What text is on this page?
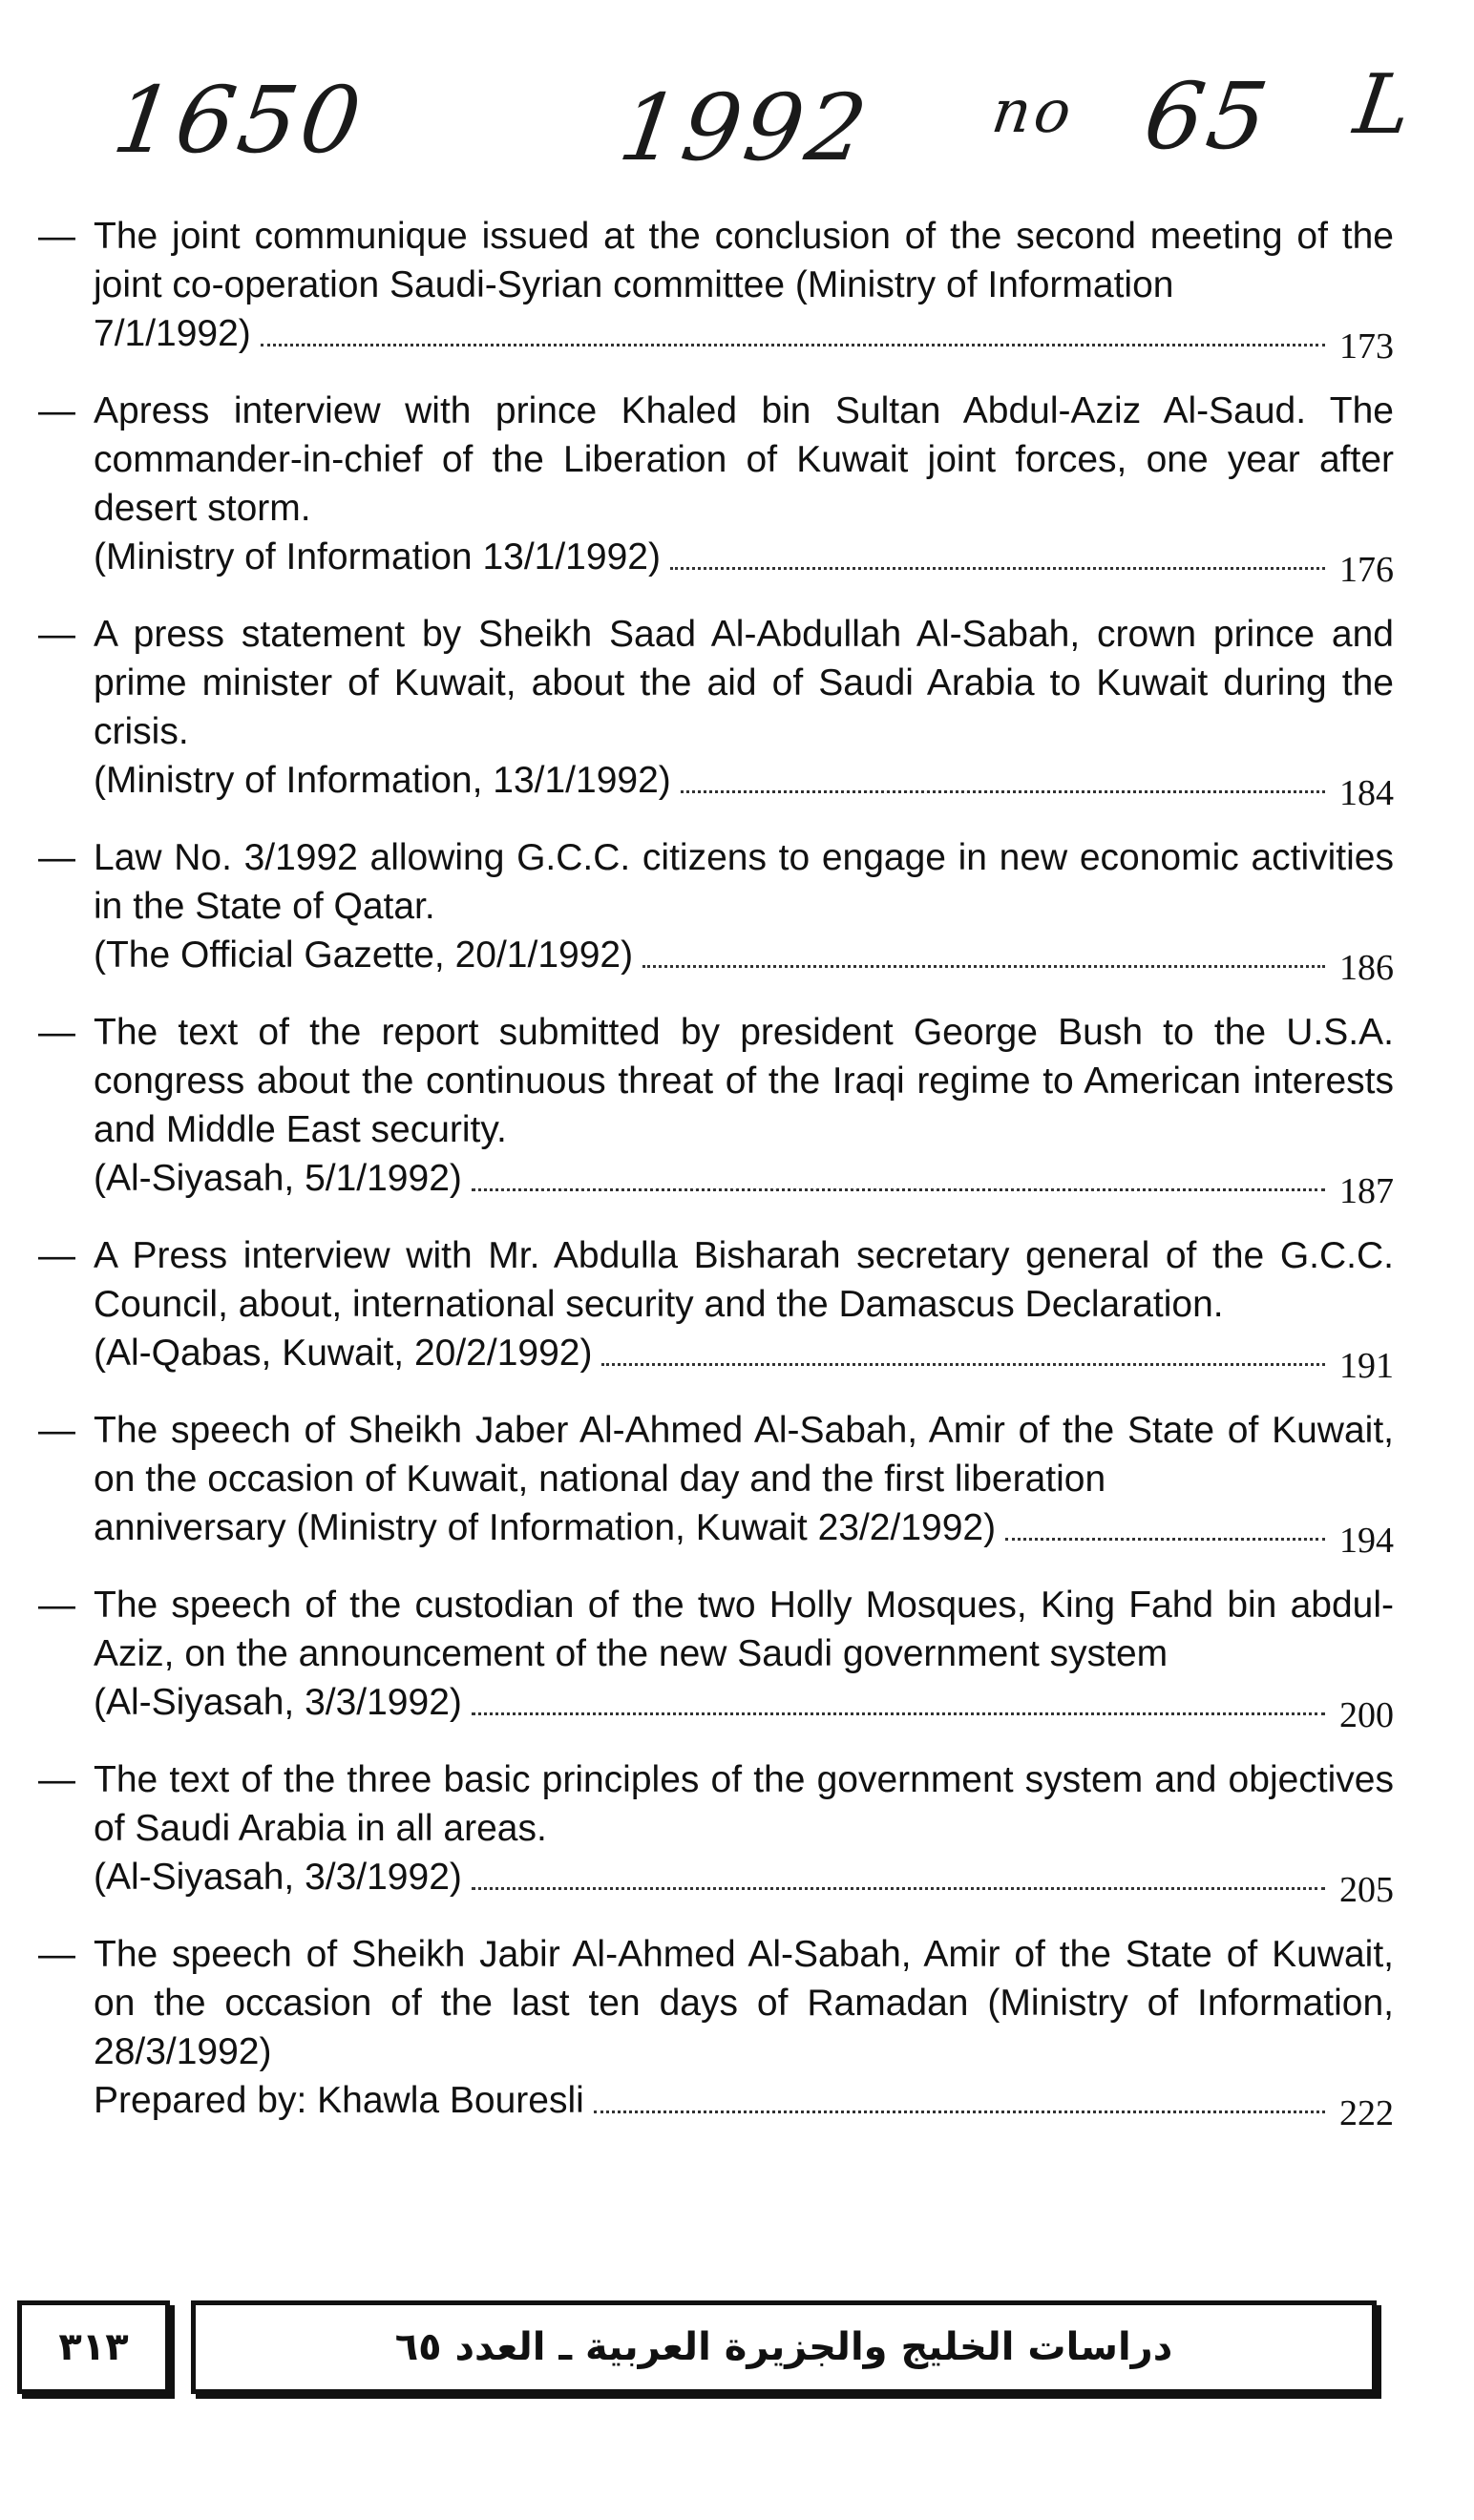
1650	1992 no 65 L
— The joint communique issued at the conclusion of the second meeting of the joint co-operation Saudi-Syrian committee (Ministry of Information
7/1/1992)	173
— Apress interview with prince Khaled bin Sultan Abdul-Aziz Al-Saud. The commander-in-chief of the Liberation of Kuwait joint forces, one year after desert storm.
(Ministry of Information 13/1/1992)	176
— A press statement by Sheikh Saad Al-Abdullah Al-Sabah, crown prince and prime minister of Kuwait, about the aid of Saudi Arabia to Kuwait during the crisis.
(Ministry of Information, 13/1/1992)	184
— Law No. 3/1992 allowing G.C.C. citizens to engage in new economic activities in the State of Qatar.
(The Official Gazette, 20/1/1992)	186
— The text of the report submitted by president George Bush to the U.S.A. congress about the continuous threat of the Iraqi regime to American interests and Middle East security.
(Al-Siyasah, 5/1/1992)	187
— A Press interview with Mr. Abdulla Bisharah secretary general of the G.C.C. Council, about, international security and the Damascus Declaration.
(Al-Qabas, Kuwait, 20/2/1992)	191
— The speech of Sheikh Jaber Al-Ahmed Al-Sabah, Amir of the State of Kuwait, on the occasion of Kuwait, national day and the first liberation
anniversary (Ministry of Information, Kuwait 23/2/1992)	194
— The speech of the custodian of the two Holly Mosques, King Fahd bin abdul-Aziz, on the announcement of the new Saudi government system
(Al-Siyasah, 3/3/1992)	200
— The text of the three basic principles of the government system and objectives of Saudi Arabia in all areas.
(Al-Siyasah, 3/3/1992)	205
— The speech of Sheikh Jabir Al-Ahmed Al-Sabah, Amir of the State of Kuwait, on the occasion of the last ten days of Ramadan (Ministry of Information, 28/3/1992)
Prepared by: Khawla Bouresli	222
٣١٣	دراسات الخليج والجزيرة العربية ـ العدد ٦٥
